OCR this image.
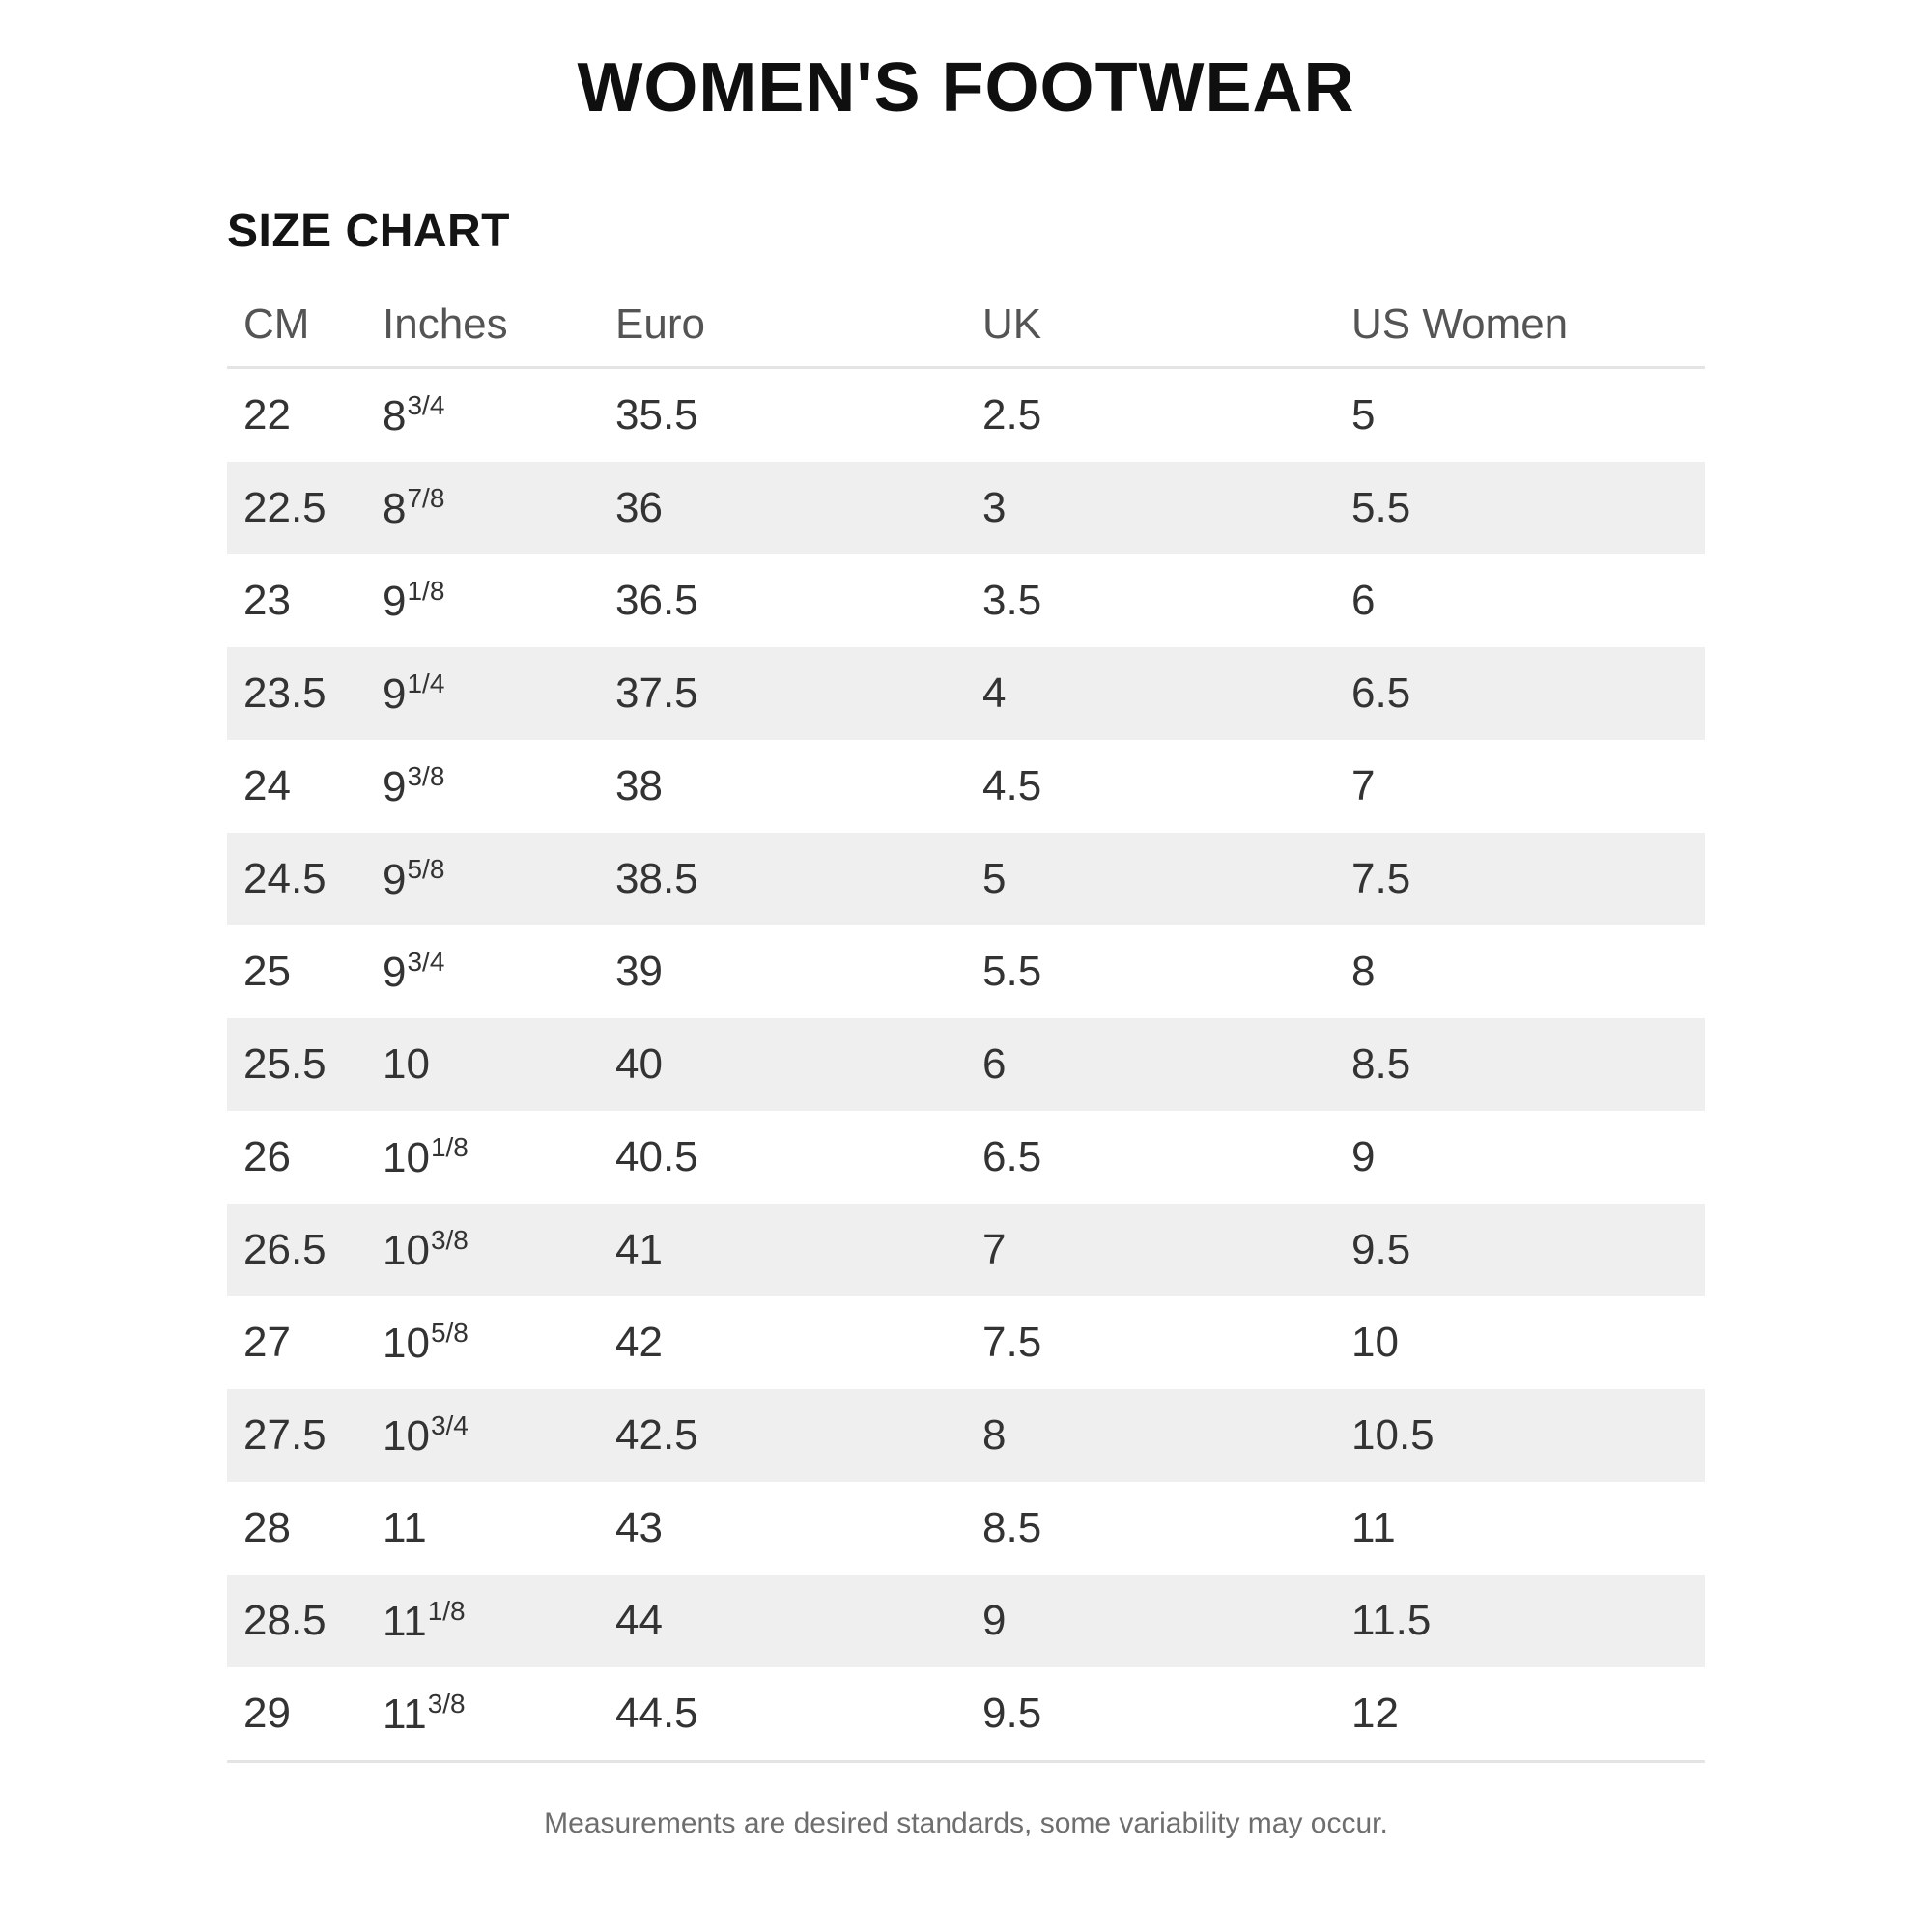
WOMEN'S FOOTWEAR
SIZE CHART
CM	Inches	Euro	UK	US Women
22	$8^{3/4}$	35.5	2.5	5
22.5	$8^{7/8}$	36	3	5.5
23	$9^{1/8}$	36.5	3.5	6
23.5	$9^{1/4}$	37.5	4	6.5
24	$9^{3/8}$	38	4.5	7
24.5	$9^{5/8}$	38.5	5	7.5
25	$9^{3/4}$	39	5.5	8
25.5	10	40	6	8.5
26	$10^{1/8}$	40.5	6.5	9
26.5	$10^{3/8}$	41	7	9.5
27	$10^{5/8}$	42	7.5	10
27.5	$10^{3/4}$	42.5	8	10.5
28	11	43	8.5	11
28.5	$11^{1/8}$	44	9	11.5
29	$11^{3/8}$	44.5	9.5	12

Measurements are desired standards, some variability may occur.
